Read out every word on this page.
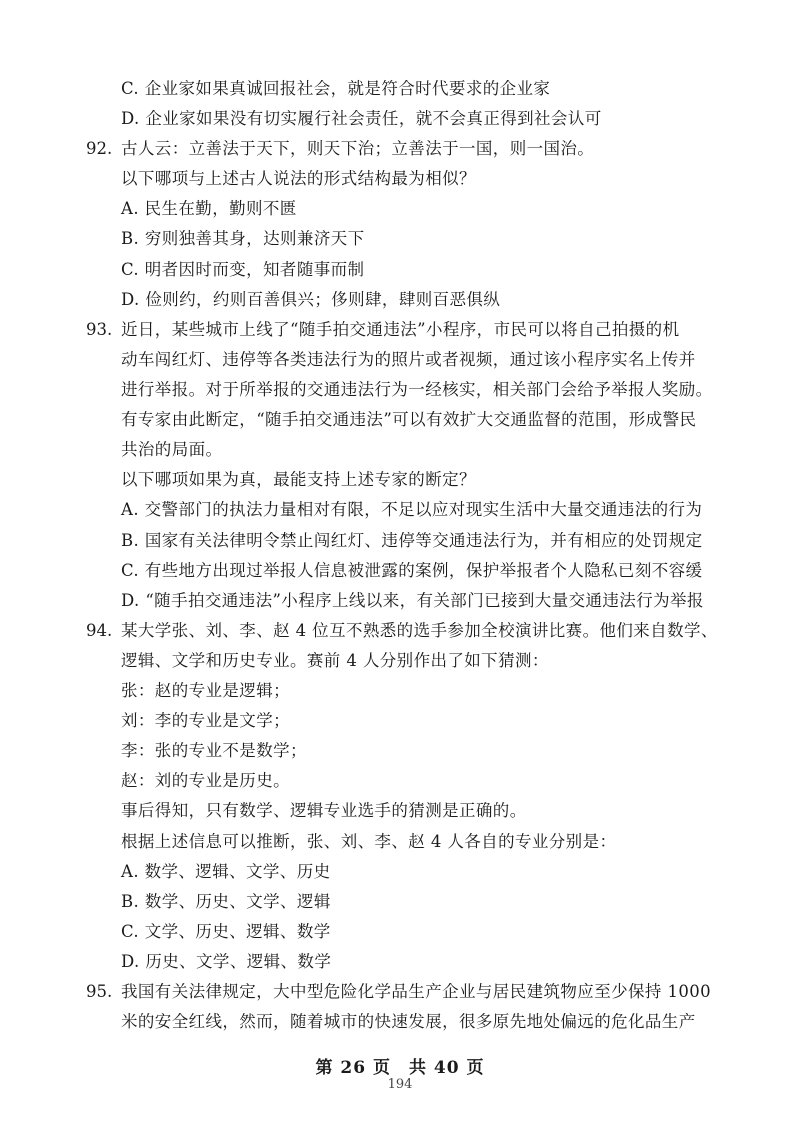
C. 企业家如果真诚回报社会，就是符合时代要求的企业家
D. 企业家如果没有切实履行社会责任，就不会真正得到社会认可
92. 古人云：立善法于天下，则天下治；立善法于一国，则一国治。
以下哪项与上述古人说法的形式结构最为相似？
A. 民生在勤，勤则不匮
B. 穷则独善其身，达则兼济天下
C. 明者因时而变，知者随事而制
D. 俭则约，约则百善俱兴；侈则肆，肆则百恶俱纵
93. 近日，某些城市上线了“随手拍交通违法”小程序，市民可以将自己拍摄的机
动车闯红灯、违停等各类违法行为的照片或者视频，通过该小程序实名上传并
进行举报。对于所举报的交通违法行为一经核实，相关部门会给予举报人奖励。
有专家由此断定，“随手拍交通违法”可以有效扩大交通监督的范围，形成警民
共治的局面。
以下哪项如果为真，最能支持上述专家的断定？
A. 交警部门的执法力量相对有限，不足以应对现实生活中大量交通违法的行为
B. 国家有关法律明令禁止闯红灯、违停等交通违法行为，并有相应的处罚规定
C. 有些地方出现过举报人信息被泄露的案例，保护举报者个人隐私已刻不容缓
D. “随手拍交通违法”小程序上线以来，有关部门已接到大量交通违法行为举报
94. 某大学张、刘、李、赵 4 位互不熟悉的选手参加全校演讲比赛。他们来自数学、
逻辑、文学和历史专业。赛前 4 人分别作出了如下猜测：
张：赵的专业是逻辑；
刘：李的专业是文学；
李：张的专业不是数学；
赵：刘的专业是历史。
事后得知，只有数学、逻辑专业选手的猜测是正确的。
根据上述信息可以推断，张、刘、李、赵 4 人各自的专业分别是：
A. 数学、逻辑、文学、历史
B. 数学、历史、文学、逻辑
C. 文学、历史、逻辑、数学
D. 历史、文学、逻辑、数学
95. 我国有关法律规定，大中型危险化学品生产企业与居民建筑物应至少保持 1000
米的安全红线，然而，随着城市的快速发展，很多原先地处偏远的危化品生产
第 26 页　共 40 页
194
